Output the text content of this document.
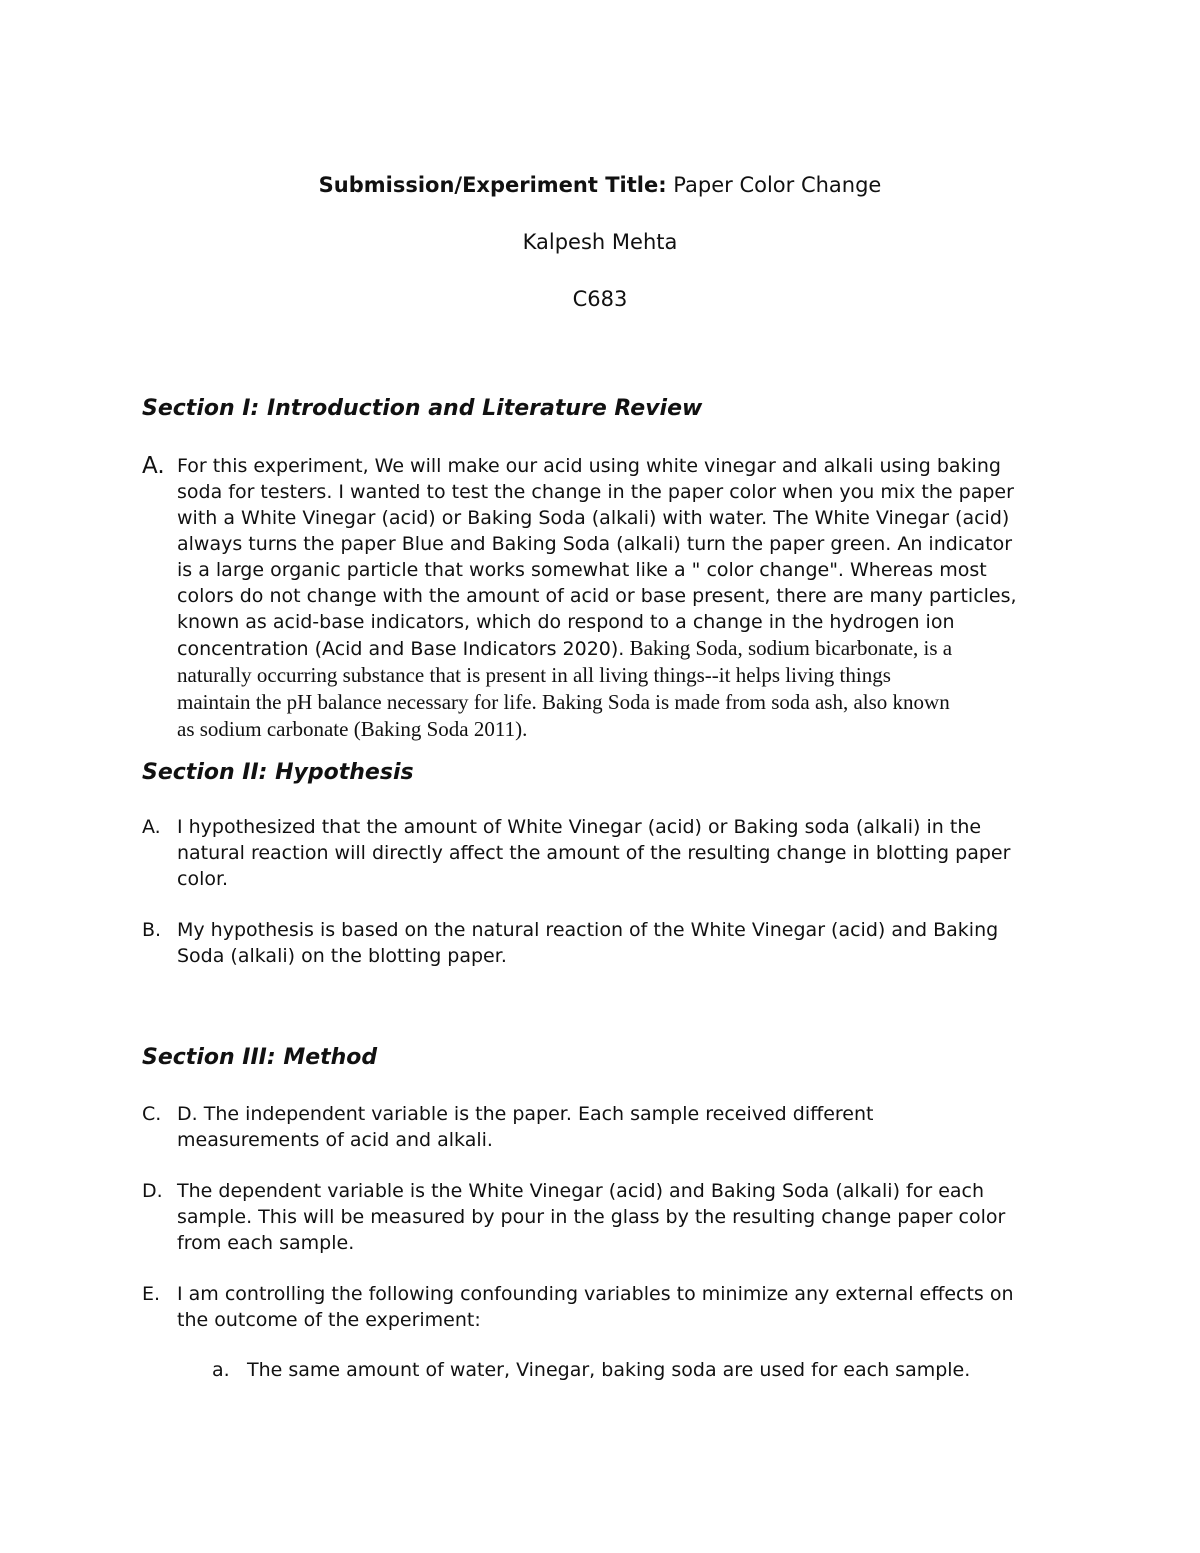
Submission/Experiment Title: Paper Color Change
Kalpesh Mehta
C683
Section I: Introduction and Literature Review
A. For this experiment, We will make our acid using white vinegar and alkali using baking
soda for testers. I wanted to test the change in the paper color when you mix the paper
with a White Vinegar (acid) or Baking Soda (alkali) with water. The White Vinegar (acid)
always turns the paper Blue and Baking Soda (alkali) turn the paper green. An indicator
is a large organic particle that works somewhat like a " color change". Whereas most
colors do not change with the amount of acid or base present, there are many particles,
known as acid-base indicators, which do respond to a change in the hydrogen ion
concentration (Acid and Base Indicators 2020). Baking Soda, sodium bicarbonate, is a
naturally occurring substance that is present in all living things--it helps living things
maintain the pH balance necessary for life. Baking Soda is made from soda ash, also known
as sodium carbonate (Baking Soda 2011).
Section II: Hypothesis
A. I hypothesized that the amount of White Vinegar (acid) or Baking soda (alkali) in the
natural reaction will directly affect the amount of the resulting change in blotting paper
color.
B. My hypothesis is based on the natural reaction of the White Vinegar (acid) and Baking
Soda (alkali) on the blotting paper.
Section III: Method
C. D. The independent variable is the paper. Each sample received different
measurements of acid and alkali.
D. The dependent variable is the White Vinegar (acid) and Baking Soda (alkali) for each
sample. This will be measured by pour in the glass by the resulting change paper color
from each sample.
E. I am controlling the following confounding variables to minimize any external effects on
the outcome of the experiment:
a. The same amount of water, Vinegar, baking soda are used for each sample.
